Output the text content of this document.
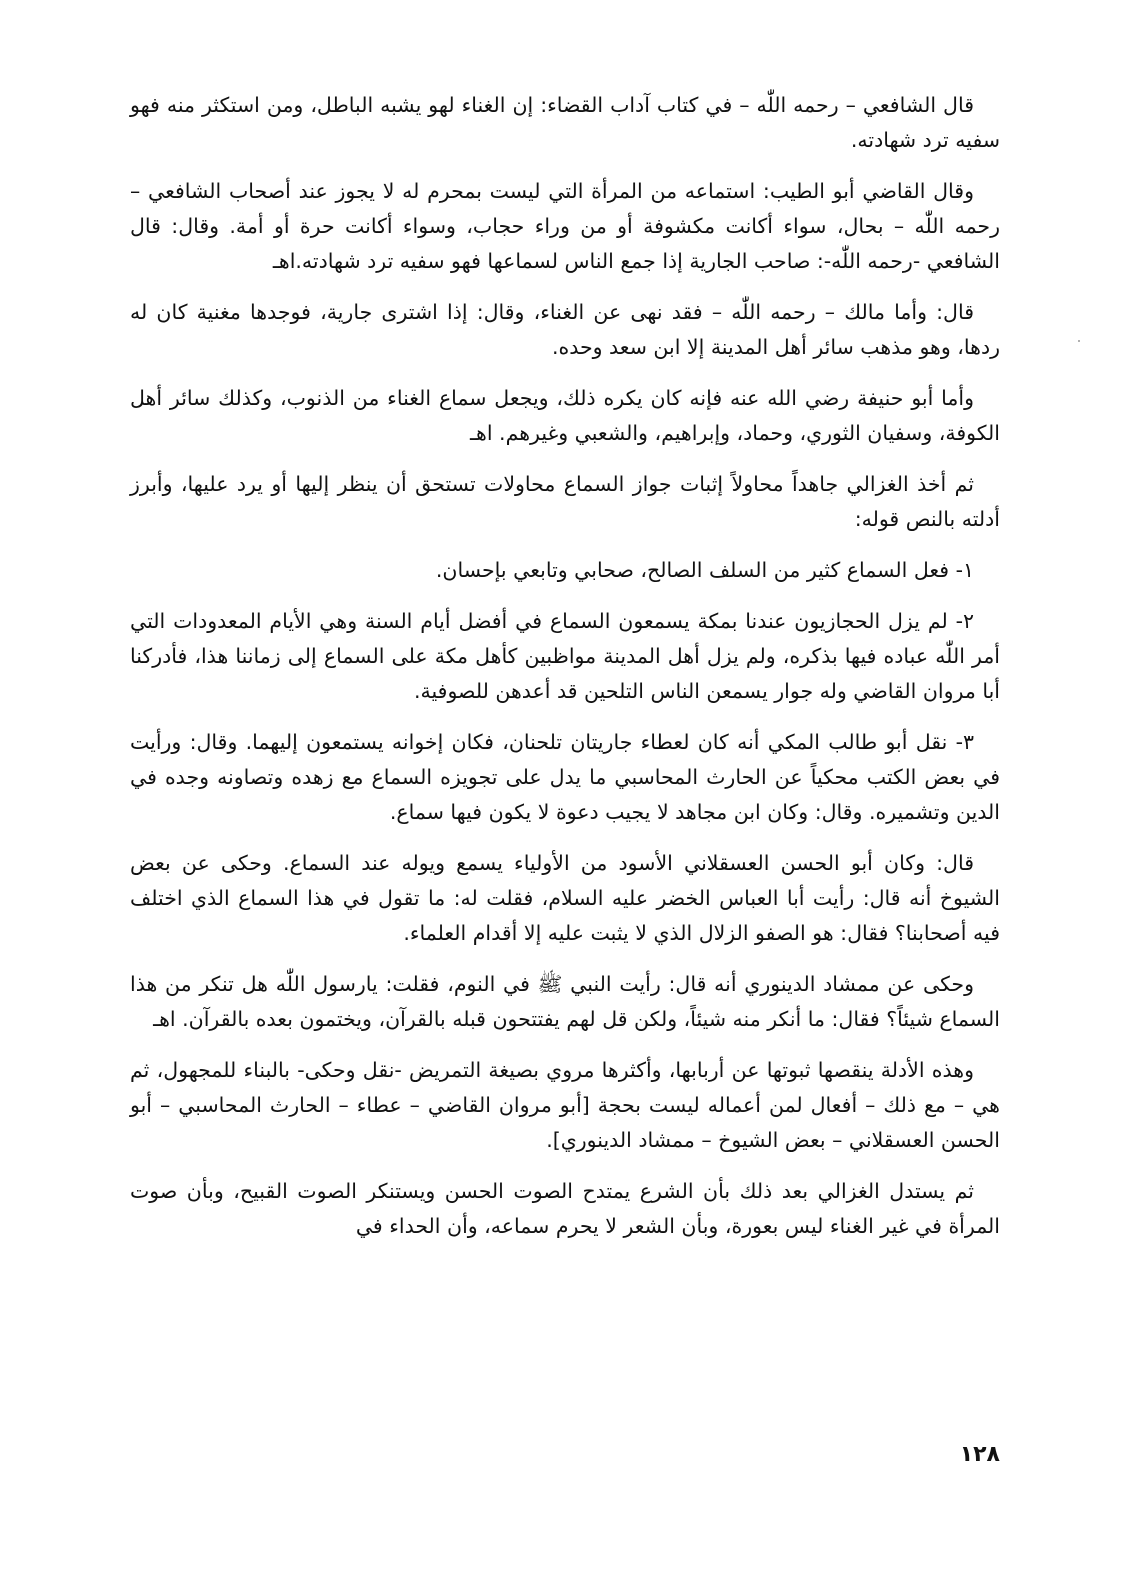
قال الشافعي – رحمه اللّٰه – في كتاب آداب القضاء: إن الغناء لهو يشبه الباطل، ومن استكثر منه فهو سفيه ترد شهادته.

وقال القاضي أبو الطيب: استماعه من المرأة التي ليست بمحرم له لا يجوز عند أصحاب الشافعي – رحمه اللّٰه – بحال، سواء أكانت مكشوفة أو من وراء حجاب، وسواء أكانت حرة أو أمة. وقال: قال الشافعي -رحمه اللّٰه-: صاحب الجارية إذا جمع الناس لسماعها فهو سفيه ترد شهادته.اهـ

قال: وأما مالك – رحمه اللّٰه – فقد نهى عن الغناء، وقال: إذا اشترى جارية، فوجدها مغنية كان له ردها، وهو مذهب سائر أهل المدينة إلا ابن سعد وحده.

وأما أبو حنيفة رضي الله عنه فإنه كان يكره ذلك، ويجعل سماع الغناء من الذنوب، وكذلك سائر أهل الكوفة، وسفيان الثوري، وحماد، وإبراهيم، والشعبي وغيرهم. اهـ

ثم أخذ الغزالي جاهداً محاولاً إثبات جواز السماع محاولات تستحق أن ينظر إليها أو يرد عليها، وأبرز أدلته بالنص قوله:

١- فعل السماع كثير من السلف الصالح، صحابي وتابعي بإحسان.

٢- لم يزل الحجازيون عندنا بمكة يسمعون السماع في أفضل أيام السنة وهي الأيام المعدودات التي أمر اللّٰه عباده فيها بذكره، ولم يزل أهل المدينة مواظبين كأهل مكة على السماع إلى زماننا هذا، فأدركنا أبا مروان القاضي وله جوار يسمعن الناس التلحين قد أعدهن للصوفية.

٣- نقل أبو طالب المكي أنه كان لعطاء جاريتان تلحنان، فكان إخوانه يستمعون إليهما. وقال: ورأيت في بعض الكتب محكياً عن الحارث المحاسبي ما يدل على تجويزه السماع مع زهده وتصاونه وجده في الدين وتشميره. وقال: وكان ابن مجاهد لا يجيب دعوة لا يكون فيها سماع.

قال: وكان أبو الحسن العسقلاني الأسود من الأولياء يسمع ويوله عند السماع. وحكى عن بعض الشيوخ أنه قال: رأيت أبا العباس الخضر عليه السلام، فقلت له: ما تقول في هذا السماع الذي اختلف فيه أصحابنا؟ فقال: هو الصفو الزلال الذي لا يثبت عليه إلا أقدام العلماء.

وحكى عن ممشاد الدينوري أنه قال: رأيت النبي ﷺ في النوم، فقلت: يارسول اللّٰه هل تنكر من هذا السماع شيئاً؟ فقال: ما أنكر منه شيئاً، ولكن قل لهم يفتتحون قبله بالقرآن، ويختمون بعده بالقرآن. اهـ

وهذه الأدلة ينقصها ثبوتها عن أربابها، وأكثرها مروي بصيغة التمريض -نقل وحكى- بالبناء للمجهول، ثم هي – مع ذلك – أفعال لمن أعماله ليست بحجة [أبو مروان القاضي – عطاء – الحارث المحاسبي – أبو الحسن العسقلاني – بعض الشيوخ – ممشاد الدينوري].

ثم يستدل الغزالي بعد ذلك بأن الشرع يمتدح الصوت الحسن ويستنكر الصوت القبيح، وبأن صوت المرأة في غير الغناء ليس بعورة، وبأن الشعر لا يحرم سماعه، وأن الحداء في

١٢٨
